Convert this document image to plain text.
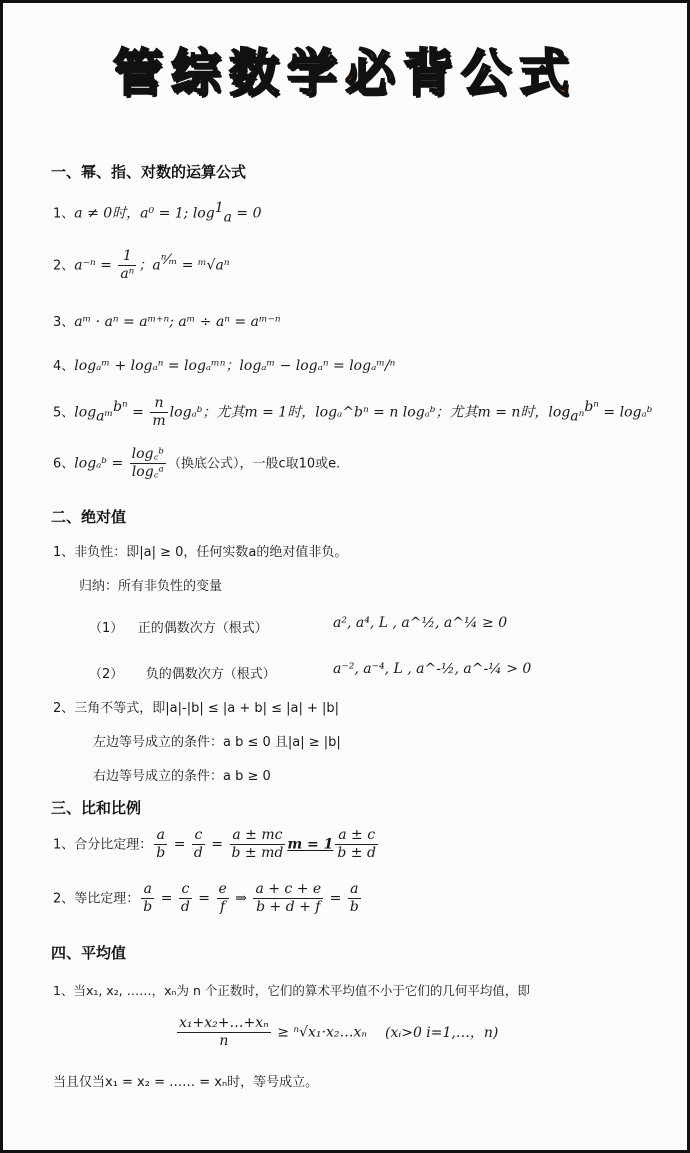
管综数学必背公式
一、幂、指、对数的运算公式
1、a ≠ 0时，a⁰ = 1; $\log^1_a = 0$
2、$a^{-n} = \frac{1}{\text{aⁿ}}$ ；$a^{^n⁄_m}$ = ᵐ√aⁿ
3、aᵐ · aⁿ = aᵐ⁺ⁿ; aᵐ ÷ aⁿ = aᵐ⁻ⁿ
4、logₐᵐ + logₐⁿ = logₐᵐⁿ；logₐᵐ − logₐⁿ = logₐᵐ/ⁿ
5、$\log_{aᵐ}^{b^n} = \frac{n}{m}$ logₐᵇ；尤其m = 1时，logₐ^bⁿ = n logₐᵇ；尤其m = n时，$\log_{a^n}^{b^n}$ = logₐᵇ
6、logₐᵇ = $\frac{\text{log꜀ᵇ}}{\text{log꜀ᵃ}}$ （换底公式），一般c取10或e.
二、绝对值
1、非负性：即|a| ≥ 0，任何实数a的绝对值非负。
归纳：所有非负性的变量
（1） 正的偶数次方（根式）	a², a⁴, L , a^½, a^¼ ≥ 0
（2） 负的偶数次方（根式）	a⁻², a⁻⁴, L , a^-½, a^-¼ > 0
2、三角不等式，即|a|-|b| ≤ |a + b| ≤ |a| + |b|
左边等号成立的条件：a b ≤ 0 且|a| ≥ |b|
右边等号成立的条件：a b ≥ 0
三、比和比例
1、合分比定理： $\frac{a}{b} = \frac{c}{d} = \frac{a \pm mc}{b \pm md}$ $m = 1 \frac{a \pm c}{b \pm d}$
2、等比定理： $\frac{a}{b} = \frac{c}{d} = \frac{e}{f}$ ⇒ $\frac{a + c + e}{b + d + f} = \frac{a}{b}$
四、平均值
1、当x₁, x₂, ……，xₙ为 n 个正数时，它们的算术平均值不小于它们的几何平均值，即
$\frac{\text{x₁+x₂+…+xₙ}}{n}$ ≥ ⁿ√x₁·x₂…xₙ (xᵢ>0 i=1,…，n)
当且仅当x₁ = x₂ = …… = xₙ时，等号成立。
